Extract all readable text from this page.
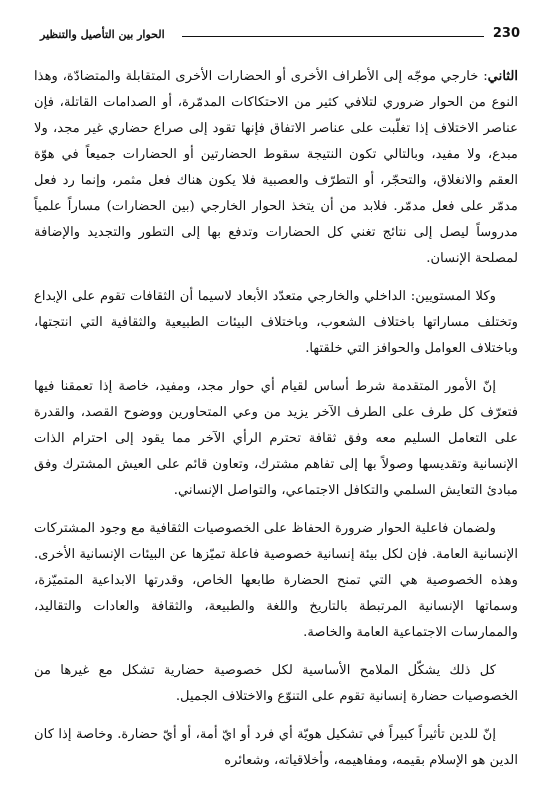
الحوار بين التأصيل والتنظير	230

الثاني: خارجي موجّه إلى الأطراف الأخرى أو الحضارات الأخرى المتقابلة والمتضادّة، وهذا النوع من الحوار ضروري لتلافي كثير من الاحتكاكات المدمّرة، أو الصدامات القاتلة، فإن عناصر الاختلاف إذا تغلّبت على عناصر الاتفاق فإنها تقود إلى صراع حضاري غير مجد، ولا مبدع، ولا مفيد، وبالتالي تكون النتيجة سقوط الحضارتين أو الحضارات جميعاً في هوّة العقم والانغلاق، والتحجّر، أو التطرّف والعصبية فلا يكون هناك فعل مثمر، وإنما رد فعل مدمّر على فعل مدمّر. فلابد من أن يتخذ الحوار الخارجي (بين الحضارات) مساراً علمياً مدروساً ليصل إلى نتائج تغني كل الحضارات وتدفع بها إلى التطور والتجديد والإضافة لمصلحة الإنسان.

وكلا المستويين: الداخلي والخارجي متعدّد الأبعاد لاسيما أن الثقافات تقوم على الإبداع وتختلف مساراتها باختلاف الشعوب، وباختلاف البيئات الطبيعية والثقافية التي انتجتها، وباختلاف العوامل والحوافز التي خلقتها.

إنّ الأمور المتقدمة شرط أساس لقيام أي حوار مجد، ومفيد، خاصة إذا تعمقنا فيها فتعرّف كل طرف على الطرف الآخر يزيد من وعي المتحاورين ووضوح القصد، والقدرة على التعامل السليم معه وفق ثقافة تحترم الرأي الآخر مما يقود إلى احترام الذات الإنسانية وتقديسها وصولاً بها إلى تفاهم مشترك، وتعاون قائم على العيش المشترك وفق مبادئ التعايش السلمي والتكافل الاجتماعي، والتواصل الإنساني.

ولضمان فاعلية الحوار ضرورة الحفاظ على الخصوصيات الثقافية مع وجود المشتركات الإنسانية العامة. فإن لكل بيئة إنسانية خصوصية فاعلة تميّزها عن البيئات الإنسانية الأخرى. وهذه الخصوصية هي التي تمنح الحضارة طابعها الخاص، وقدرتها الابداعية المتميّزة، وسماتها الإنسانية المرتبطة بالتاريخ واللغة والطبيعة، والثقافة والعادات والتقاليد، والممارسات الاجتماعية العامة والخاصة.

كل ذلك يشكّل الملامح الأساسية لكل خصوصية حضارية تشكل مع غيرها من الخصوصيات حضارة إنسانية تقوم على التنوّع والاختلاف الجميل.

إنّ للدين تأثيراً كبيراً في تشكيل هويّة أي فرد أو ايّ أمة، أو أيّ حضارة. وخاصة إذا كان الدين هو الإسلام بقيمه، ومفاهيمه، وأخلاقياته، وشعائره
